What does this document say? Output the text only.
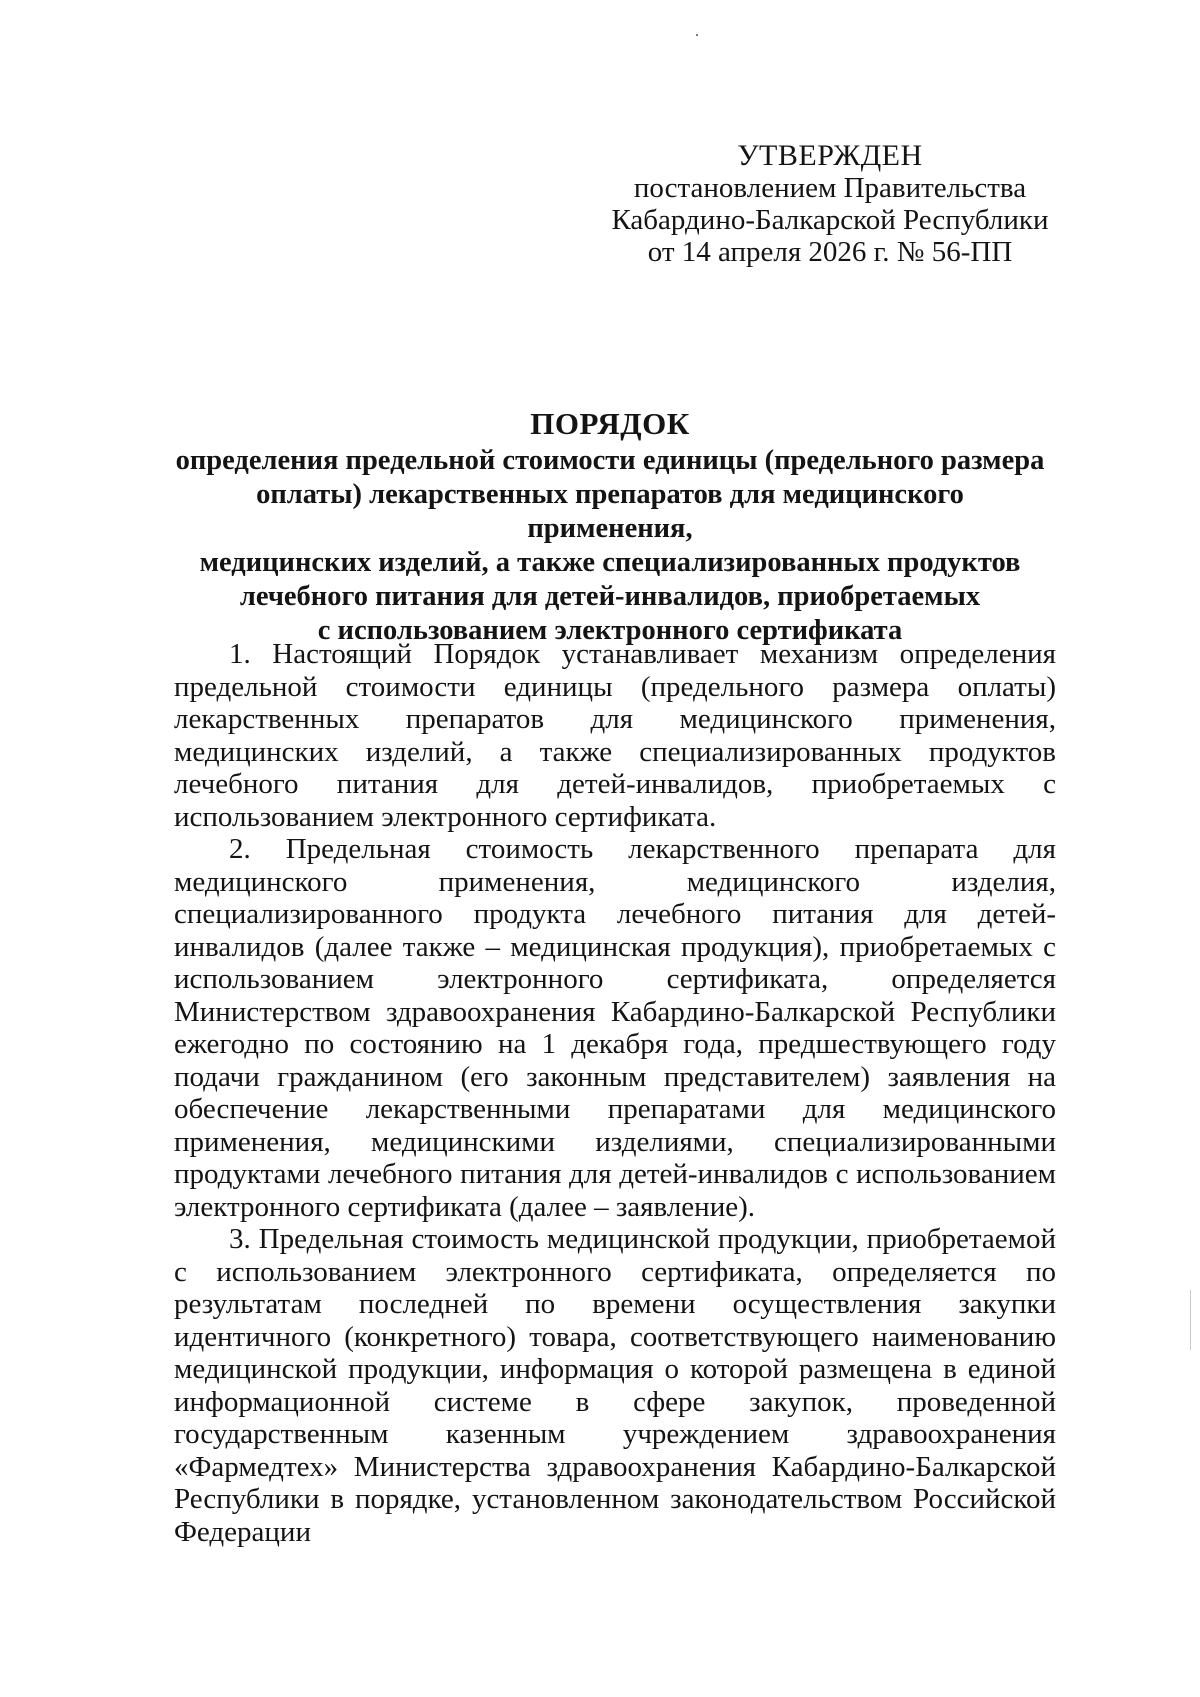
УТВЕРЖДЕН
постановлением Правительства
Кабардино-Балкарской Республики
от 14 апреля 2026 г. № 56-ПП
ПОРЯДОК
определения предельной стоимости единицы (предельного размера
оплаты) лекарственных препаратов для медицинского применения,
медицинских изделий, а также специализированных продуктов
лечебного питания для детей-инвалидов, приобретаемых
с использованием электронного сертификата

1. Настоящий Порядок устанавливает механизм определения предельной стоимости единицы (предельного размера оплаты) лекарственных препаратов для медицинского применения, медицинских изделий, а также специализированных продуктов лечебного питания для детей-инвалидов, приобретаемых с использованием электронного сертификата.

2. Предельная стоимость лекарственного препарата для медицинского применения, медицинского изделия, специализированного продукта лечебного питания для детей-инвалидов (далее также – медицинская продукция), приобретаемых с использованием электронного сертификата, определяется Министерством здравоохранения Кабардино-Балкарской Республики ежегодно по состоянию на 1 декабря года, предшествующего году подачи гражданином (его законным представителем) заявления на обеспечение лекарственными препаратами для медицинского применения, медицинскими изделиями, специализированными продуктами лечебного питания для детей-инвалидов с использованием электронного сертификата (далее – заявление).

3. Предельная стоимость медицинской продукции, приобретаемой с использованием электронного сертификата, определяется по результатам последней по времени осуществления закупки идентичного (конкретного) товара, соответствующего наименованию медицинской продукции, информация о которой размещена в единой информационной системе в сфере закупок, проведенной государственным казенным учреждением здравоохранения «Фармедтех» Министерства здравоохранения Кабардино-Балкарской Республики в порядке, установленном законодательством Российской Федерации
